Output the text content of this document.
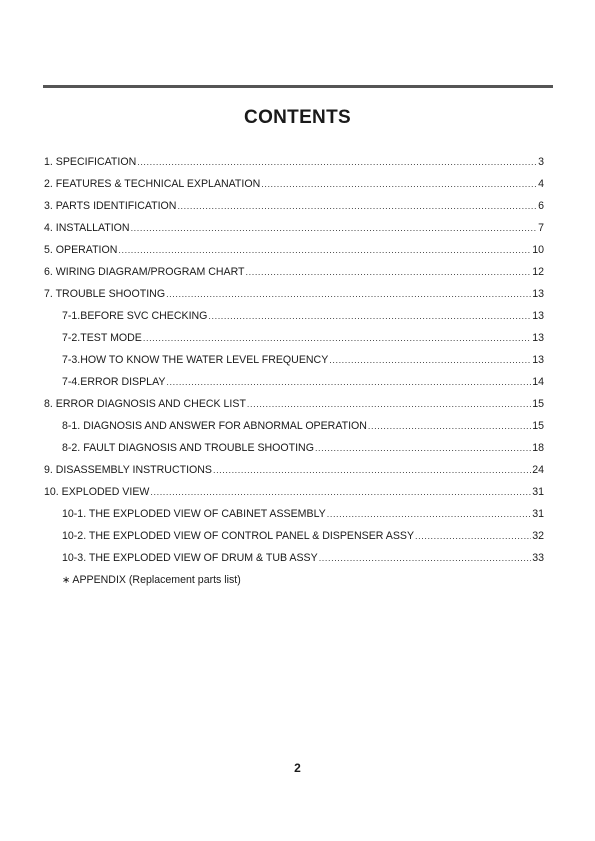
CONTENTS
1. SPECIFICATION .....	3
2. FEATURES & TECHNICAL EXPLANATION .....	4
3. PARTS IDENTIFICATION .....	6
4. INSTALLATION .....	7
5. OPERATION .....	10
6. WIRING DIAGRAM/PROGRAM CHART .....	12
7. TROUBLE SHOOTING .....	13
7-1.BEFORE SVC CHECKING .....	13
7-2.TEST MODE .....	13
7-3.HOW TO KNOW THE WATER LEVEL FREQUENCY .....	13
7-4.ERROR DISPLAY .....	14
8. ERROR DIAGNOSIS AND CHECK LIST .....	15
8-1. DIAGNOSIS AND ANSWER FOR ABNORMAL OPERATION .....	15
8-2. FAULT DIAGNOSIS AND TROUBLE SHOOTING .....	18
9. DISASSEMBLY INSTRUCTIONS .....	24
10. EXPLODED VIEW .....	31
10-1. THE EXPLODED VIEW OF CABINET ASSEMBLY .....	31
10-2. THE EXPLODED VIEW OF CONTROL PANEL & DISPENSER ASSY .....	32
10-3. THE EXPLODED VIEW OF DRUM & TUB ASSY .....	33
∗ APPENDIX (Replacement parts list)
2
